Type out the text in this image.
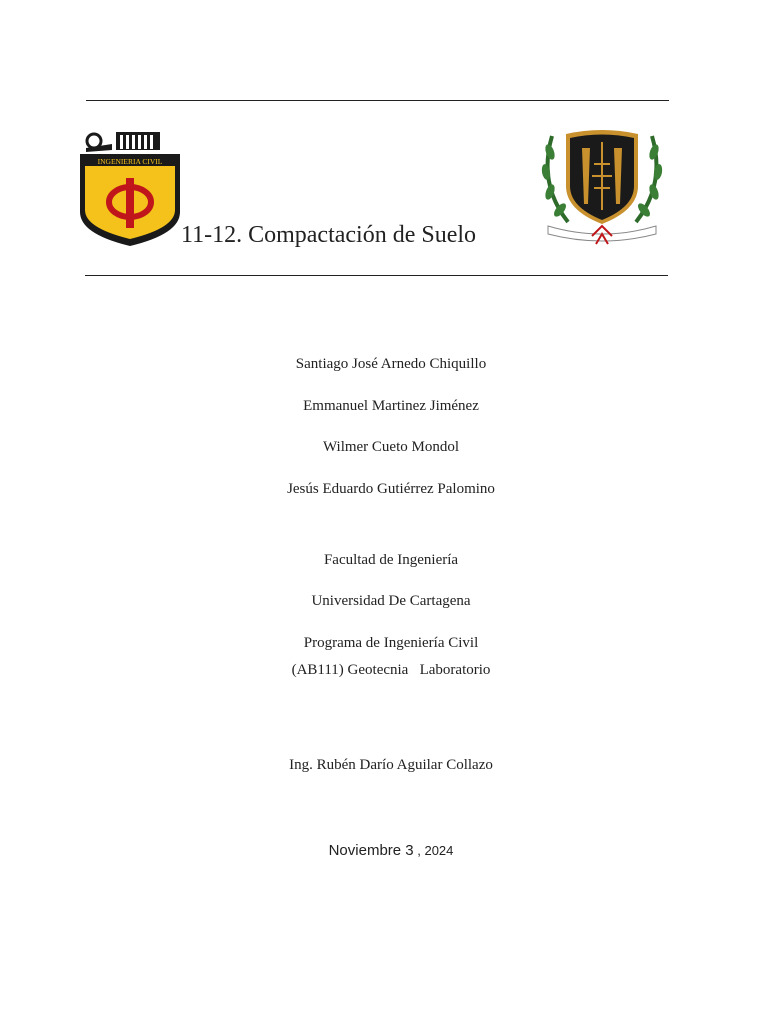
INGENIERIA CIVIL
11-12. Compactación de Suelo
Santiago José Arnedo Chiquillo
Emmanuel Martinez Jiménez
Wilmer Cueto Mondol
Jesús Eduardo Gutiérrez Palomino
Facultad de Ingeniería
Universidad De Cartagena
Programa de Ingeniería Civil
(AB111) Geotecnia   Laboratorio
Ing. Rubén Darío Aguilar Collazo
Noviembre 3 , 2024
